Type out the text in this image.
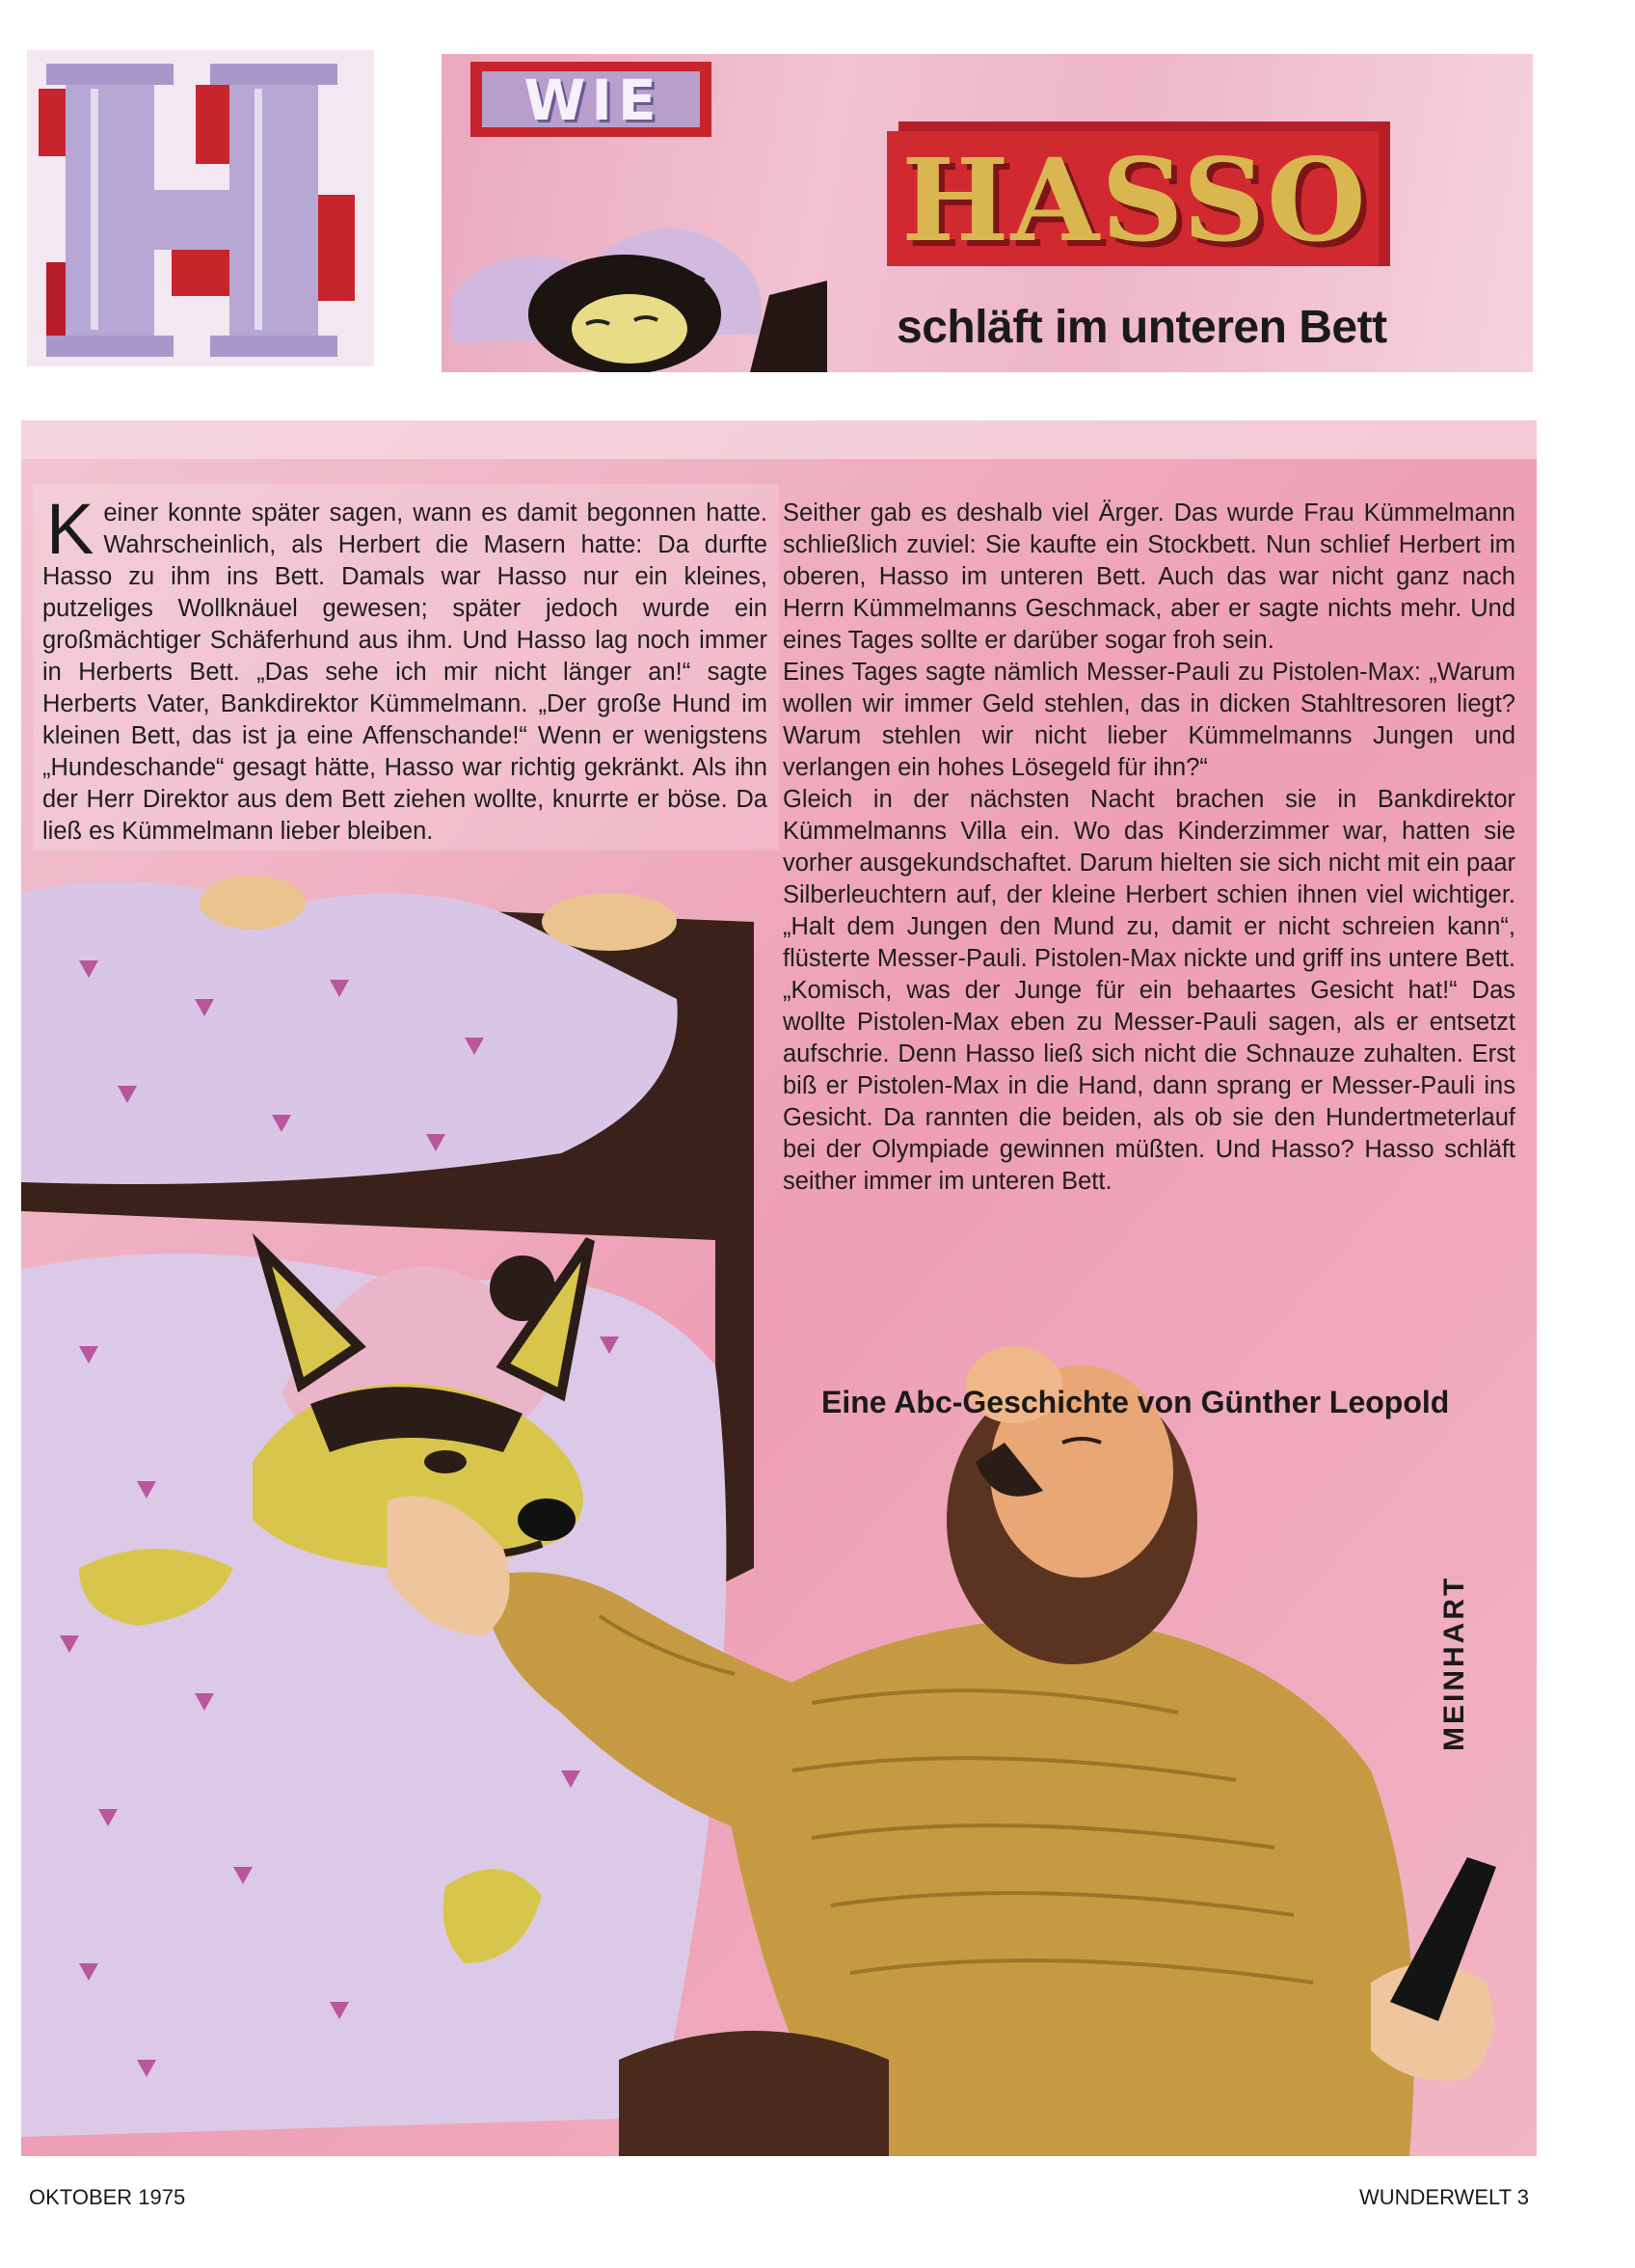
WIE
HASSO
schläft im unteren Bett

Keiner konnte später sagen, wann es damit begonnen hatte. Wahrscheinlich, als Herbert die Masern hatte: Da durfte Hasso zu ihm ins Bett. Damals war Hasso nur ein kleines, putzeliges Wollknäuel gewesen; später jedoch wurde ein großmächtiger Schäferhund aus ihm. Und Hasso lag noch immer in Herberts Bett. „Das sehe ich mir nicht länger an!“ sagte Herberts Vater, Bankdirektor Kümmelmann. „Der große Hund im kleinen Bett, das ist ja eine Affenschande!“ Wenn er wenigstens „Hundeschande“ gesagt hätte, Hasso war richtig gekränkt. Als ihn der Herr Direktor aus dem Bett ziehen wollte, knurrte er böse. Da ließ es Kümmelmann lieber bleiben.

Seither gab es deshalb viel Ärger. Das wurde Frau Kümmelmann schließlich zuviel: Sie kaufte ein Stockbett. Nun schlief Herbert im oberen, Hasso im unteren Bett. Auch das war nicht ganz nach Herrn Kümmelmanns Geschmack, aber er sagte nichts mehr. Und eines Tages sollte er darüber sogar froh sein.

Eines Tages sagte nämlich Messer-Pauli zu Pistolen-Max: „Warum wollen wir immer Geld stehlen, das in dicken Stahltresoren liegt? Warum stehlen wir nicht lieber Kümmelmanns Jungen und verlangen ein hohes Lösegeld für ihn?“

Gleich in der nächsten Nacht brachen sie in Bankdirektor Kümmelmanns Villa ein. Wo das Kinderzimmer war, hatten sie vorher ausgekundschaftet. Darum hielten sie sich nicht mit ein paar Silberleuchtern auf, der kleine Herbert schien ihnen viel wichtiger. „Halt dem Jungen den Mund zu, damit er nicht schreien kann“, flüsterte Messer-Pauli. Pistolen-Max nickte und griff ins untere Bett. „Komisch, was der Junge für ein behaartes Gesicht hat!“ Das wollte Pistolen-Max eben zu Messer-Pauli sagen, als er entsetzt aufschrie. Denn Hasso ließ sich nicht die Schnauze zuhalten. Erst biß er Pistolen-Max in die Hand, dann sprang er Messer-Pauli ins Gesicht. Da rannten die beiden, als ob sie den Hundertmeterlauf bei der Olympiade gewinnen müßten. Und Hasso? Hasso schläft seither immer im unteren Bett.

Eine Abc-Geschichte von Günther Leopold
MEINHART
OKTOBER 1975	WUNDERWELT 3
